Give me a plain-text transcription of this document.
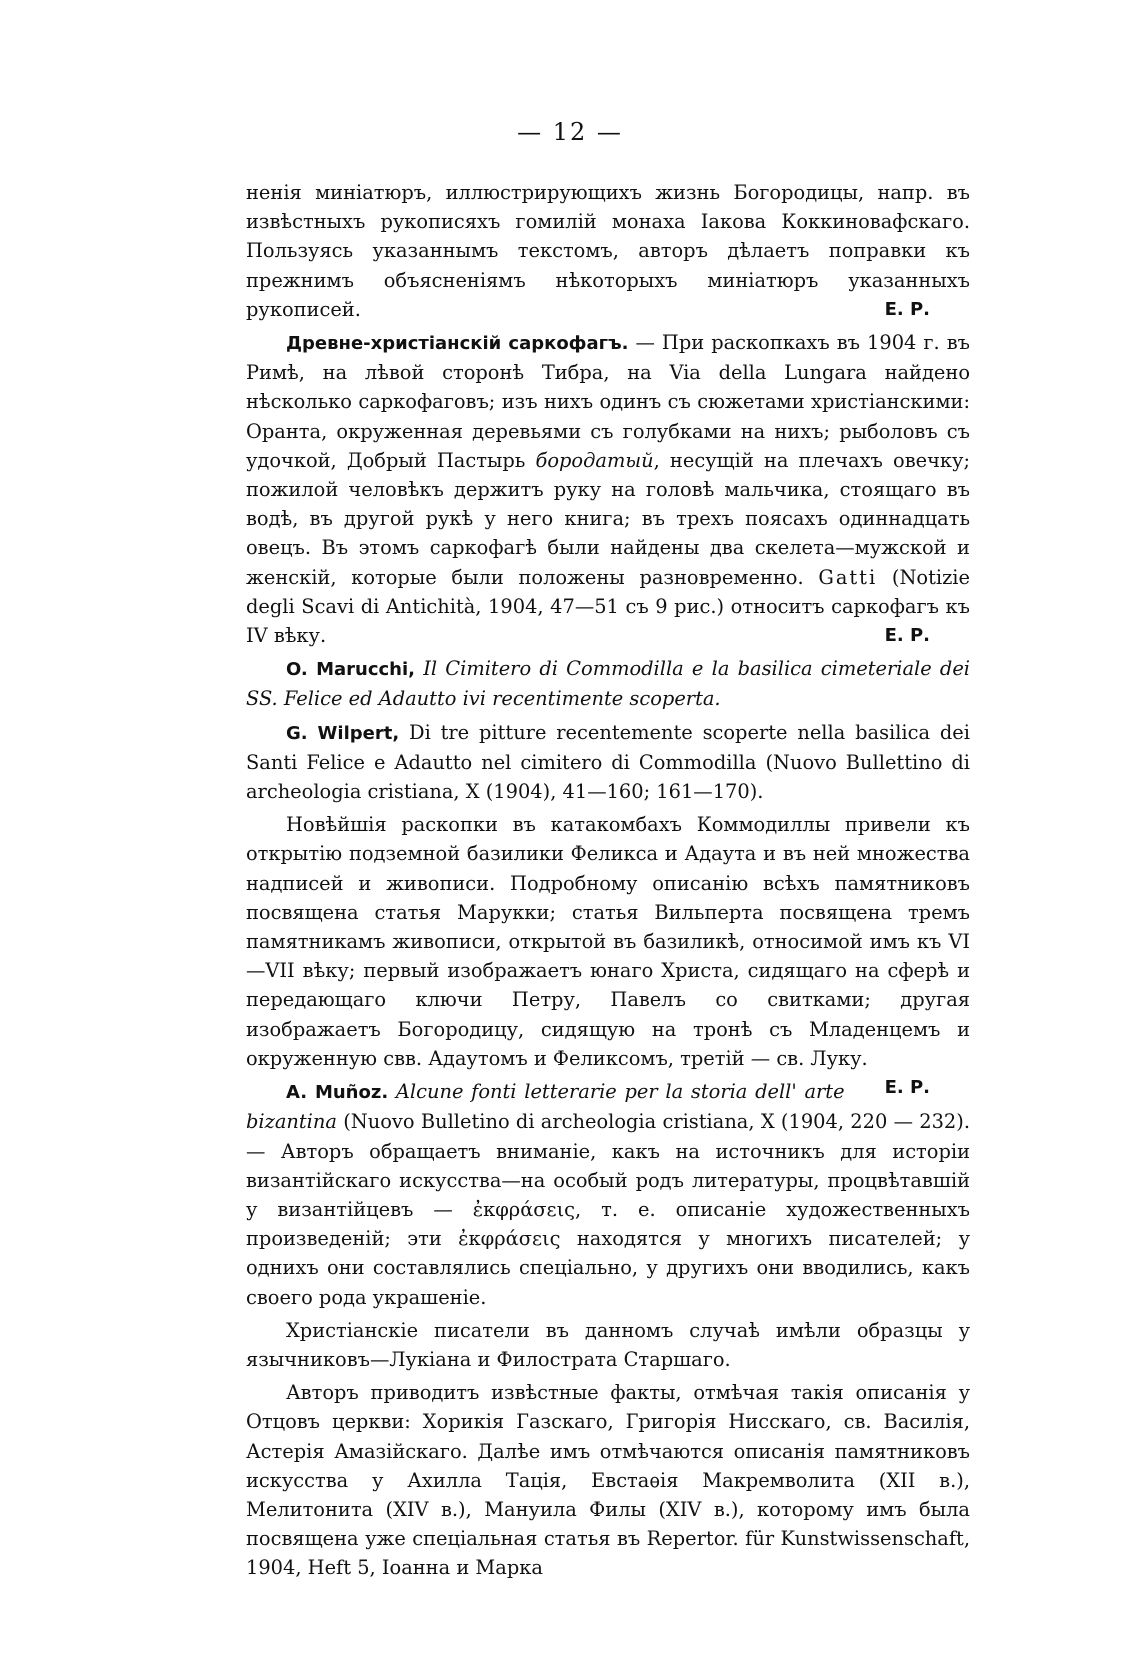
— 12 —

ненія миніатюръ, иллюстрирующихъ жизнь Богородицы, напр. въ извѣстныхъ рукописяхъ гомилій монаха Іакова Коккиновафскаго. Пользуясь указаннымъ текстомъ, авторъ дѣлаетъ поправки къ прежнимъ объясненіямъ нѣкоторыхъ миніатюръ указанныхъ рукописей.	Е. Р.

Древне-христіанскій саркофагъ. — При раскопкахъ въ 1904 г. въ Римѣ, на лѣвой сторонѣ Тибра, на Via della Lungara найдено нѣсколько саркофаговъ; изъ нихъ одинъ съ сюжетами христіанскими: Оранта, окруженная деревьями съ голубками на нихъ; рыболовъ съ удочкой, Добрый Пастырь бородатый, несущій на плечахъ овечку; пожилой человѣкъ держитъ руку на головѣ мальчика, стоящаго въ водѣ, въ другой рукѣ у него книга; въ трехъ поясахъ одиннадцать овецъ. Въ этомъ саркофагѣ были найдены два скелета—мужской и женскій, которые были положены разновременно. Gatti (Notizie degli Scavi di Antichità, 1904, 47—51 съ 9 рис.) относитъ саркофагъ къ IV вѣку.	Е. Р.

O. Marucchi, Il Cimitero di Commodilla e la basilica cimeteriale dei SS. Felice ed Adautto ivi recentimente scoperta.

G. Wilpert, Di tre pitture recentemente scoperte nella basilica dei Santi Felice e Adautto nel cimitero di Commodilla (Nuovo Bullettino di archeologia cristiana, X (1904), 41—160; 161—170).

Новѣйшія раскопки въ катакомбахъ Коммодиллы привели къ открытію подземной базилики Феликса и Адаута и въ ней множества надписей и живописи. Подробному описанію всѣхъ памятниковъ посвящена статья Марукки; статья Вильперта посвящена тремъ памятникамъ живописи, открытой въ базиликѣ, относимой имъ къ VI—VII вѣку; первый изображаетъ юнаго Христа, сидящаго на сферѣ и передающаго ключи Петру, Павелъ со свитками; другая изображаетъ Богородицу, сидящую на тронѣ съ Младенцемъ и окруженную свв. Адаутомъ и Феликсомъ, третій — св. Луку.
Е. Р.

A. Muñoz. Alcune fonti letterarie per la storia dell' arte bizantina (Nuovo Bulletino di archeologia cristiana, X (1904, 220 — 232). — Авторъ обращаетъ вниманіе, какъ на источникъ для исторіи византійскаго искусства—на особый родъ литературы, процвѣтавшій у византійцевъ — ἐκφράσεις, т. е. описаніе художественныхъ произведеній; эти ἐκφράσεις находятся у многихъ писателей; у однихъ они составлялись спеціально, у другихъ они вводились, какъ своего рода украшеніе.

Христіанскіе писатели въ данномъ случаѣ имѣли образцы у язычниковъ—Лукіана и Филострата Старшаго.

Авторъ приводитъ извѣстные факты, отмѣчая такія описанія у Отцовъ церкви: Хорикія Газскаго, Григорія Нисскаго, св. Василія, Астерія Амазійскаго. Далѣе имъ отмѣчаются описанія памятниковъ искусства у Ахилла Тація, Евстаѳія Макремволита (XII в.), Мелитонита (XIV в.), Мануила Филы (XIV в.), которому имъ была посвящена уже спеціальная статья въ Repertor. für Kunstwissenschaft, 1904, Heft 5, Іоанна и Марка
